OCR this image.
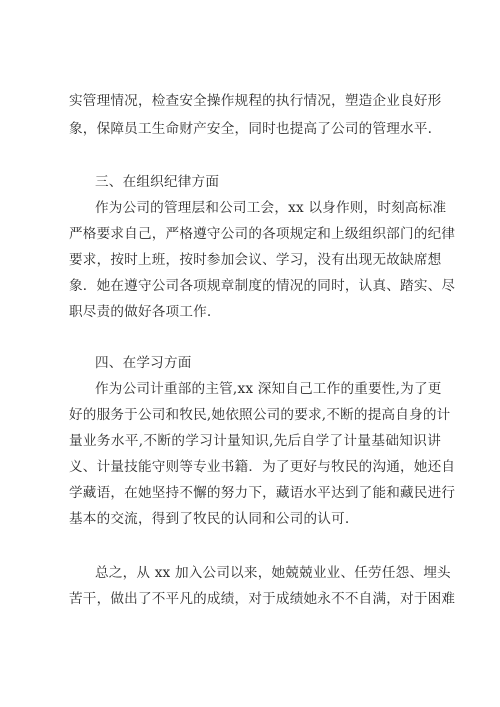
实管理情况，检查安全操作规程的执行情况，塑造企业良好形
象，保障员工生命财产安全，同时也提高了公司的管理水平.
三、在组织纪律方面
作为公司的管理层和公司工会，xx 以身作则，时刻高标准
严格要求自己，严格遵守公司的各项规定和上级组织部门的纪律
要求，按时上班，按时参加会议、学习，没有出现无故缺席想
象．她在遵守公司各项规章制度的情况的同时，认真、踏实、尽
职尽责的做好各项工作.
四、在学习方面
作为公司计重部的主管,xx 深知自己工作的重要性,为了更
好的服务于公司和牧民,她依照公司的要求,不断的提高自身的计
量业务水平,不断的学习计量知识,先后自学了计量基础知识讲
义、计量技能守则等专业书籍．为了更好与牧民的沟通，她还自
学藏语，在她坚持不懈的努力下，藏语水平达到了能和藏民进行
基本的交流，得到了牧民的认同和公司的认可.
总之，从 xx 加入公司以来，她兢兢业业、任劳任怨、埋头
苦干，做出了不平凡的成绩，对于成绩她永不不自满，对于困难
